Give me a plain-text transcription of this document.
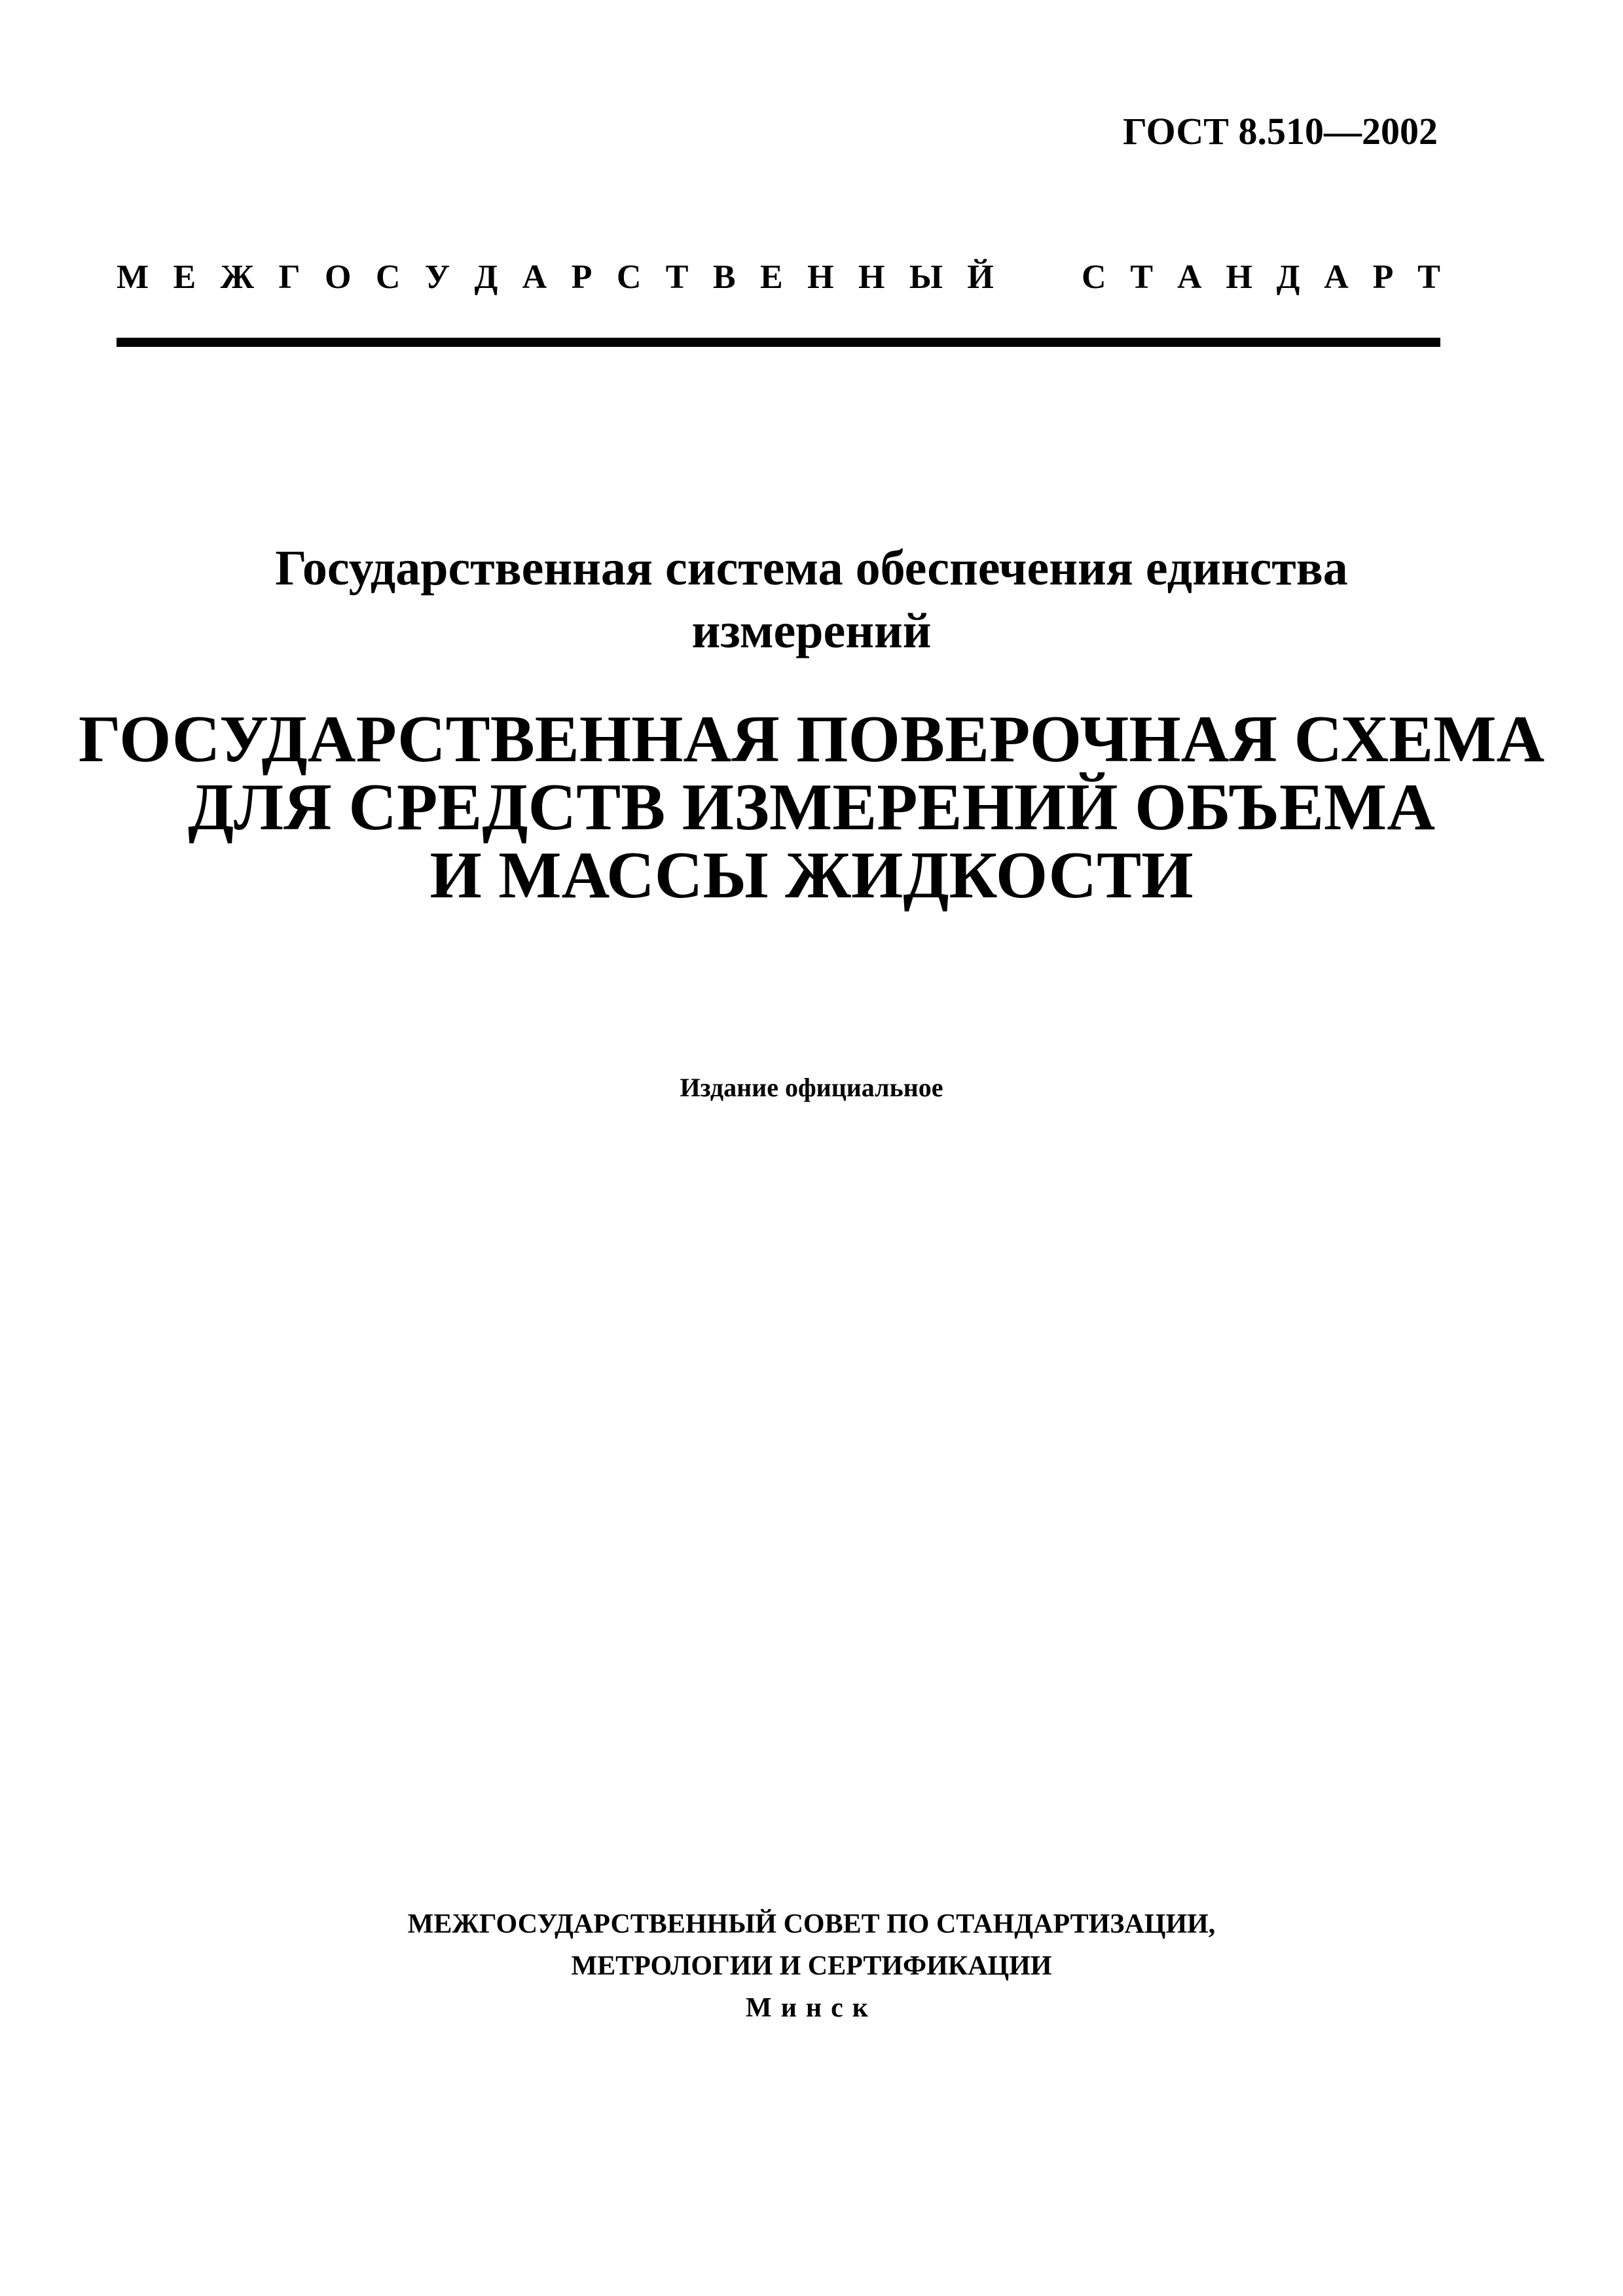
ГОСТ 8.510—2002
М Е Ж Г О С У Д А Р С Т В Е Н Н Ы Й	С Т А Н Д А Р Т
Государственная система обеспечения единства
измерений
ГОСУДАРСТВЕННАЯ ПОВЕРОЧНАЯ СХЕМА
ДЛЯ СРЕДСТВ ИЗМЕРЕНИЙ ОБЪЕМА
И МАССЫ ЖИДКОСТИ
Издание официальное
МЕЖГОСУДАРСТВЕННЫЙ СОВЕТ ПО СТАНДАРТИЗАЦИИ,
МЕТРОЛОГИИ И СЕРТИФИКАЦИИ
Минск
